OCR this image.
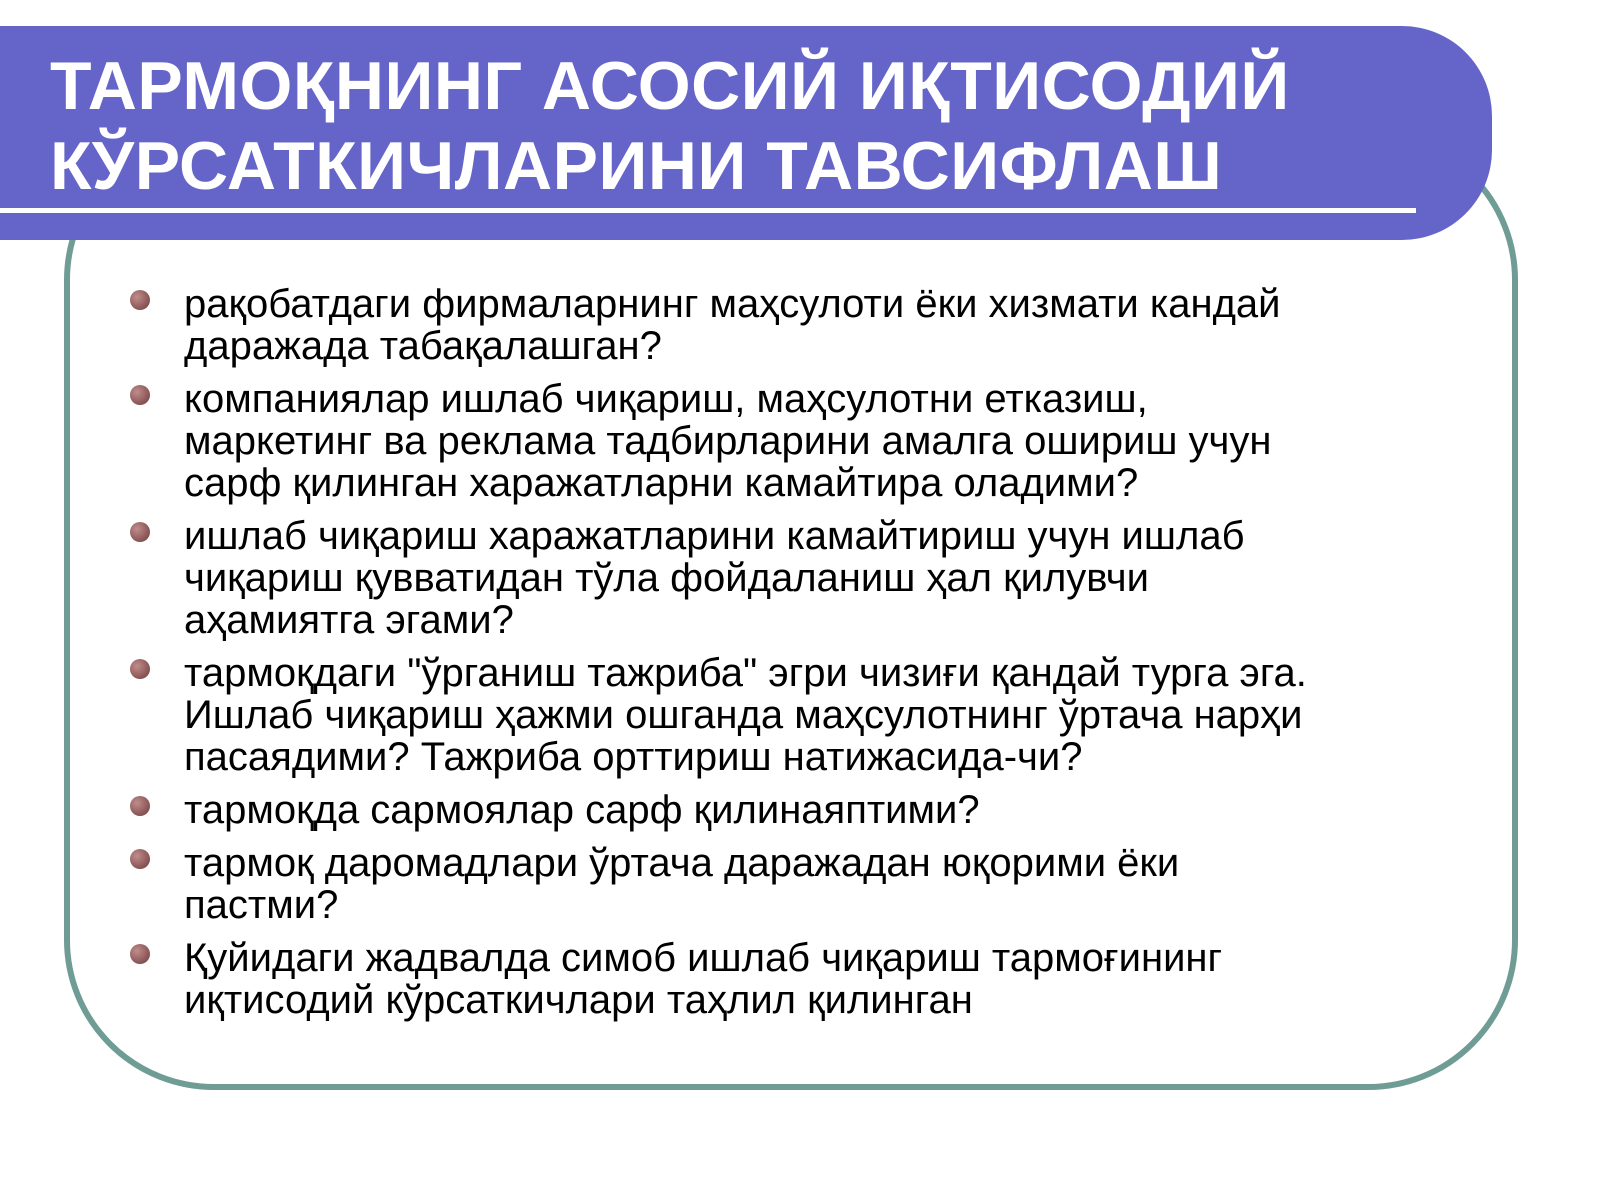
ТАРМОҚНИНГ АСОСИЙ ИҚТИСОДИЙ
КЎРСАТКИЧЛАРИНИ ТАВСИФЛАШ
рақобатдаги фирмаларнинг маҳсулоти ёки хизмати кандай
даражада табақалашган?
компаниялар ишлаб чиқариш, маҳсулотни етказиш,
маркетинг ва реклама тадбирларини амалга ошириш учун
сарф қилинган харажатларни камайтира оладими?
ишлаб чиқариш харажатларини камайтириш учун ишлаб
чиқариш қувватидан тўла фойдаланиш ҳал қилувчи
аҳамиятга эгами?
тармоқдаги "ўрганиш тажриба" эгри чизиғи қандай турга эга.
Ишлаб чиқариш ҳажми ошганда маҳсулотнинг ўртача нарҳи
пасаядими? Тажриба орттириш натижасида-чи?
тармоқда сармоялар сарф қилинаяптими?
тармоқ даромадлари ўртача даражадан юқорими ёки
пастми?
Қуйидаги жадвалда симоб ишлаб чиқариш тармоғининг
иқтисодий кўрсаткичлари таҳлил қилинган
